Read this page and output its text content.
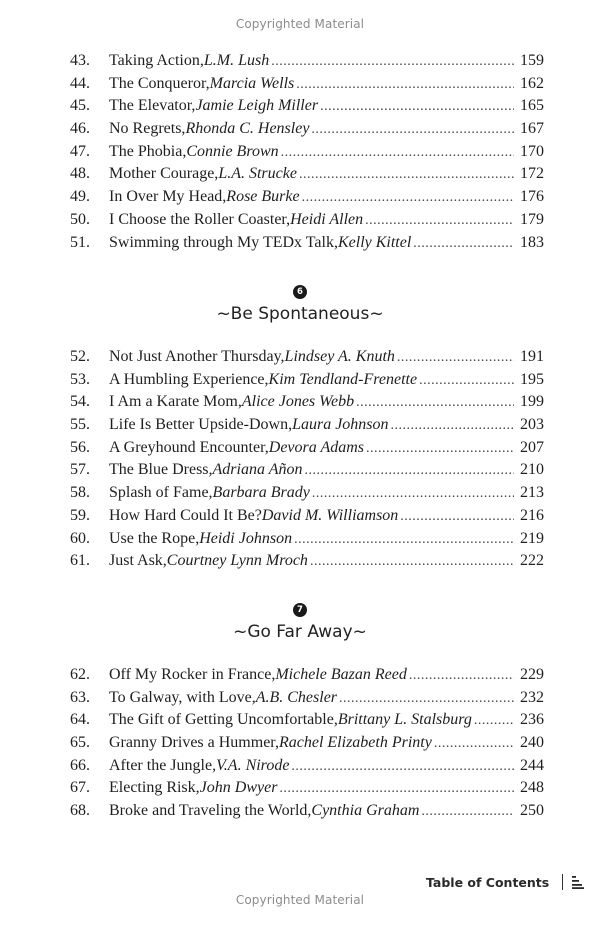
Copyrighted Material
43.	Taking Action, L.M. Lush .....	159
44.	The Conqueror, Marcia Wells .....	162
45.	The Elevator, Jamie Leigh Miller .....	165
46.	No Regrets, Rhonda C. Hensley .....	167
47.	The Phobia, Connie Brown .....	170
48.	Mother Courage, L.A. Strucke .....	172
49.	In Over My Head, Rose Burke .....	176
50.	I Choose the Roller Coaster, Heidi Allen .....	179
51.	Swimming through My TEDx Talk, Kelly Kittel .....	183
6
~Be Spontaneous~
52.	Not Just Another Thursday, Lindsey A. Knuth .....	191
53.	A Humbling Experience, Kim Tendland-Frenette .....	195
54.	I Am a Karate Mom, Alice Jones Webb .....	199
55.	Life Is Better Upside-Down, Laura Johnson .....	203
56.	A Greyhound Encounter, Devora Adams .....	207
57.	The Blue Dress, Adriana Añon .....	210
58.	Splash of Fame, Barbara Brady .....	213
59.	How Hard Could It Be? David M. Williamson .....	216
60.	Use the Rope, Heidi Johnson .....	219
61.	Just Ask, Courtney Lynn Mroch .....	222
7
~Go Far Away~
62.	Off My Rocker in France, Michele Bazan Reed .....	229
63.	To Galway, with Love, A.B. Chesler .....	232
64.	The Gift of Getting Uncomfortable, Brittany L. Stalsburg .....	236
65.	Granny Drives a Hummer, Rachel Elizabeth Printy .....	240
66.	After the Jungle, V.A. Nirode .....	244
67.	Electing Risk, John Dwyer .....	248
68.	Broke and Traveling the World, Cynthia Graham .....	250
Table of Contents
Copyrighted Material
